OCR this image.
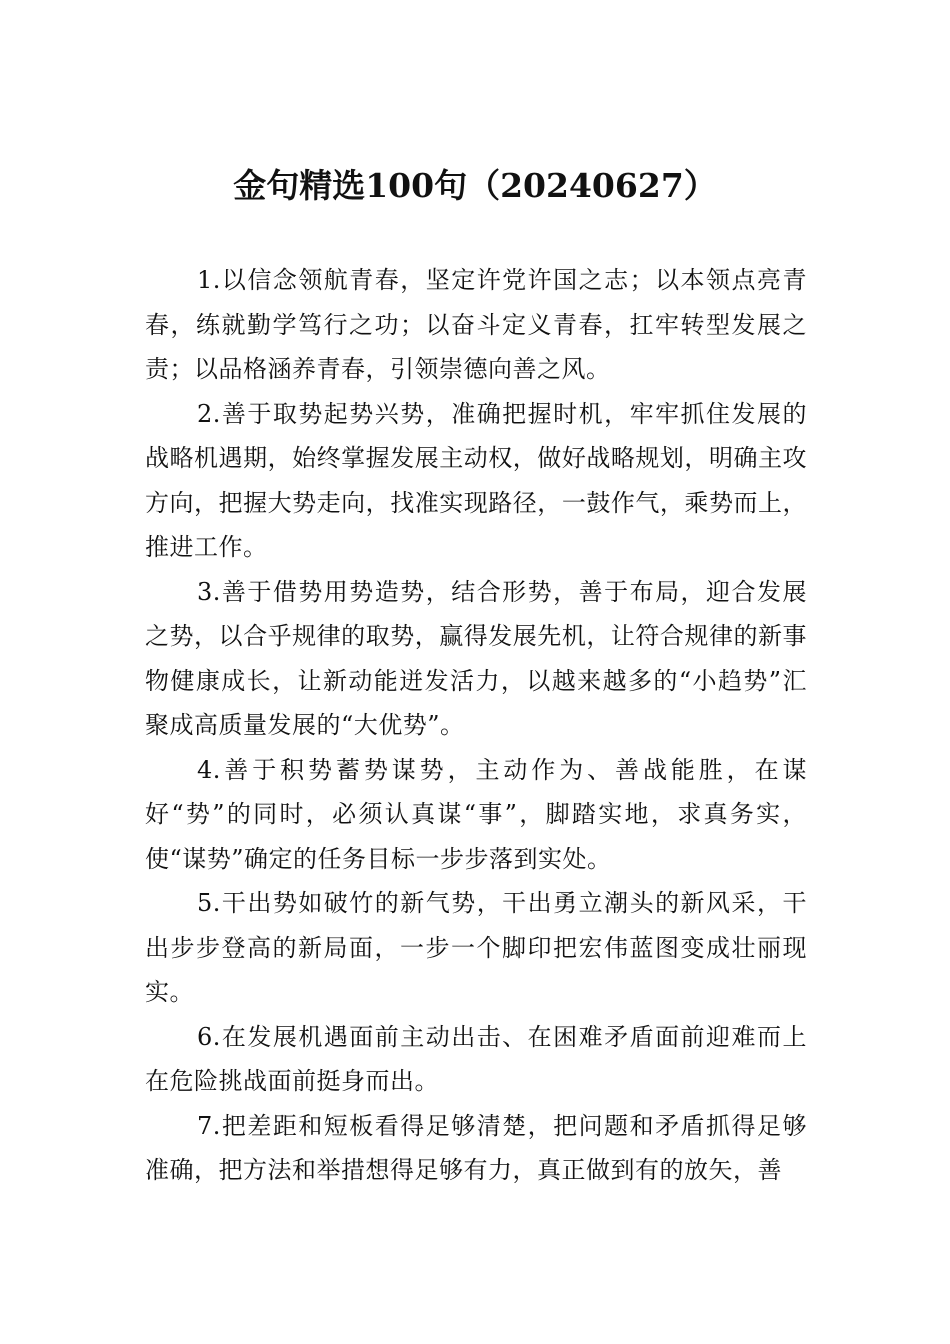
金句精选100句（20240627）

1.以信念领航青春，坚定许党许国之志；以本领点亮青春，练就勤学笃行之功；以奋斗定义青春，扛牢转型发展之责；以品格涵养青春，引领崇德向善之风。

2.善于取势起势兴势，准确把握时机，牢牢抓住发展的战略机遇期，始终掌握发展主动权，做好战略规划，明确主攻方向，把握大势走向，找准实现路径，一鼓作气，乘势而上，推进工作。

3.善于借势用势造势，结合形势，善于布局，迎合发展之势，以合乎规律的取势，赢得发展先机，让符合规律的新事物健康成长，让新动能迸发活力，以越来越多的“小趋势”汇聚成高质量发展的“大优势”。

4.善于积势蓄势谋势，主动作为、善战能胜，在谋好“势”的同时，必须认真谋“事”，脚踏实地，求真务实，使“谋势”确定的任务目标一步步落到实处。

5.干出势如破竹的新气势，干出勇立潮头的新风采，干出步步登高的新局面，一步一个脚印把宏伟蓝图变成壮丽现实。

6.在发展机遇面前主动出击、在困难矛盾面前迎难而上在危险挑战面前挺身而出。

7.把差距和短板看得足够清楚，把问题和矛盾抓得足够准确，把方法和举措想得足够有力，真正做到有的放矢，善
